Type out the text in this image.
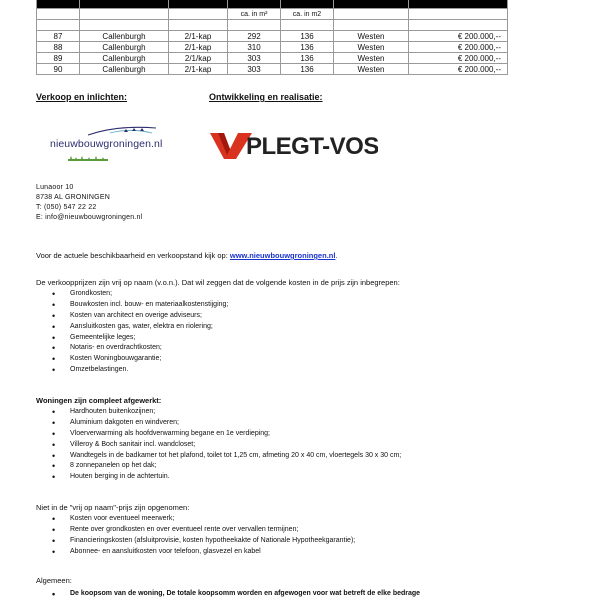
			ca. in m²	ca. in m2		

87	Callenburgh	2/1-kap	292	136	Westen	€ 200.000,--
88	Callenburgh	2/1-kap	310	136	Westen	€ 200.000,--
89	Callenburgh	2/1/kap	303	136	Westen	€ 200.000,--
90	Callenburgh	2/1-kap	303	136	Westen	€ 200.000,--
Verkoop en inlichten:	Ontwikkeling en realisatie:
nieuwbouwgroningen.nl	PLEGT-VOS
Lunaoor 10
8738 AL GRONINGEN
T: (050) 547 22 22
E: info@nieuwbouwgroningen.nl
Voor de actuele beschikbaarheid en verkoopstand kijk op: www.nieuwbouwgroningen.nl.
De verkoopprijzen zijn vrij op naam (v.o.n.). Dat wil zeggen dat de volgende kosten in de prijs zijn inbegrepen:
• Grondkosten;
• Bouwkosten incl. bouw- en materiaalkostenstijging;
• Kosten van architect en overige adviseurs;
• Aansluitkosten gas, water, elektra en riolering;
• Gemeentelijke leges;
• Notaris- en overdrachtkosten;
• Kosten Woningbouwgarantie;
• Omzetbelastingen.
Woningen zijn compleet afgewerkt:
• Hardhouten buitenkozijnen;
• Aluminium dakgoten en windveren;
• Vloerverwarming als hoofdverwarming begane en 1e verdieping;
• Villeroy & Boch sanitair incl. wandcloset;
• Wandtegels in de badkamer tot het plafond, toilet tot 1,25 cm, afmeting 20 x 40 cm, vloertegels 30 x 30 cm;
• 8 zonnepanelen op het dak;
• Houten berging in de achtertuin.
Niet in de "vrij op naam"-prijs zijn opgenomen:
• Kosten voor eventueel meerwerk;
• Rente over grondkosten en over eventueel rente over vervallen termijnen;
• Financieringskosten (afsluitprovisie, kosten hypotheekakte of Nationale Hypotheekgarantie);
• Abonnee- en aansluitkosten voor telefoon, glasvezel en kabel
Algemeen:
• De koopsom van de woning, De totale koopsomm worden en afgewogen voor wat betreft de elke bedrage
